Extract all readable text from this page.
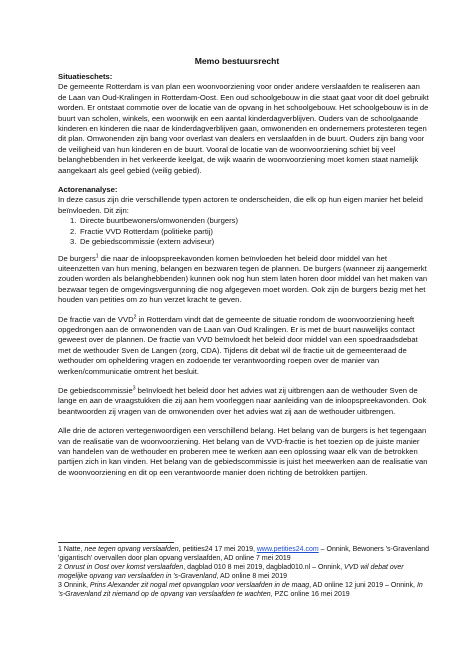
Memo bestuursrecht

Situatieschets:

De gemeente Rotterdam is van plan een woonvoorziening voor onder andere verslaafden te realiseren aan de Laan van Oud-Kralingen in Rotterdam-Oost. Een oud schoolgebouw in die staat gaat voor dit doel gebruikt worden. Er ontstaat commotie over de locatie van de opvang in het schoolgebouw. Het schoolgebouw is in de buurt van scholen, winkels, een woonwijk en een aantal kinderdagverblijven. Ouders van de schoolgaande kinderen en kinderen die naar de kinderdagverblijven gaan, omwonenden en ondernemers protesteren tegen dit plan. Omwonenden zijn bang voor overlast van dealers en verslaafden in de buurt. Ouders zijn bang voor de veiligheid van hun kinderen en de buurt. Vooral de locatie van de woonvoorziening schiet bij veel belanghebbenden in het verkeerde keelgat, de wijk waarin de woonvoorziening moet komen staat namelijk aangekaart als geel gebied (veilig gebied).

Actorenanalyse:

In deze casus zijn drie verschillende typen actoren te onderscheiden, die elk op hun eigen manier het beleid beïnvloeden. Dit zijn:

1. Directe buurtbewoners/omwonenden (burgers)
2. Fractie VVD Rotterdam (politieke partij)
3. De gebiedscommissie (extern adviseur)

De burgers$^1$ die naar de inloopspreekavonden komen beïnvloeden het beleid door middel van het uiteenzetten van hun mening, belangen en bezwaren tegen de plannen. De burgers (wanneer zij aangemerkt zouden worden als belanghebbenden) kunnen ook nog hun stem laten horen door middel van het maken van bezwaar tegen de omgevingsvergunning die nog afgegeven moet worden. Ook zijn de burgers bezig met het houden van petities om zo hun verzet kracht te geven.

De fractie van de VVD$^2$ in Rotterdam vindt dat de gemeente de situatie rondom de woonvoorziening heeft opgedrongen aan de omwonenden van de Laan van Oud Kralingen. Er is met de buurt nauwelijks contact geweest over de plannen. De fractie van VVD beïnvloedt het beleid door middel van een spoedraadsdebat met de wethouder Sven de Langen (zorg, CDA). Tijdens dit debat wil de fractie uit de gemeenteraad de wethouder om opheldering vragen en zodoende ter verantwoording roepen over de manier van werken/communicatie omtrent het besluit.

De gebiedscommissie$^3$ beïnvloedt het beleid door het advies wat zij uitbrengen aan de wethouder Sven de lange en aan de vraagstukken die zij aan hem voorleggen naar aanleiding van de inloopspreekavonden. Ook beantwoorden zij vragen van de omwonenden over het advies wat zij aan de wethouder uitbrengen.

Alle drie de actoren vertegenwoordigen een verschillend belang. Het belang van de burgers is het tegengaan van de realisatie van de woonvoorziening. Het belang van de VVD-fractie is het toezien op de juiste manier van handelen van de wethouder en proberen mee te werken aan een oplossing waar elk van de betrokken partijen zich in kan vinden. Het belang van de gebiedscommissie is juist het meewerken aan de realisatie van de woonvoorziening en dit op een verantwoorde manier doen richting de betrokken partijen.

1 Natte, nee tegen opvang verslaafden, petities24 17 mei 2019, www.petities24.com – Onnink, Bewoners 's-Gravenland 'gigantisch' overvallen door plan opvang verslaafden, AD online 7 mei 2019

2 Onrust in Oost over komst verslaafden, dagblad 010 8 mei 2019, dagblad010.nl – Onnink, VVD wil debat over mogelijke opvang van verslaafden in 's-Gravenland, AD online 8 mei 2019

3 Onnink, Prins Alexander zit nogal met opvangplan voor verslaafden in de maag, AD online 12 juni 2019 – Onnink, In 's-Gravenland zit niemand op de opvang van verslaafden te wachten, PZC online 16 mei 2019
